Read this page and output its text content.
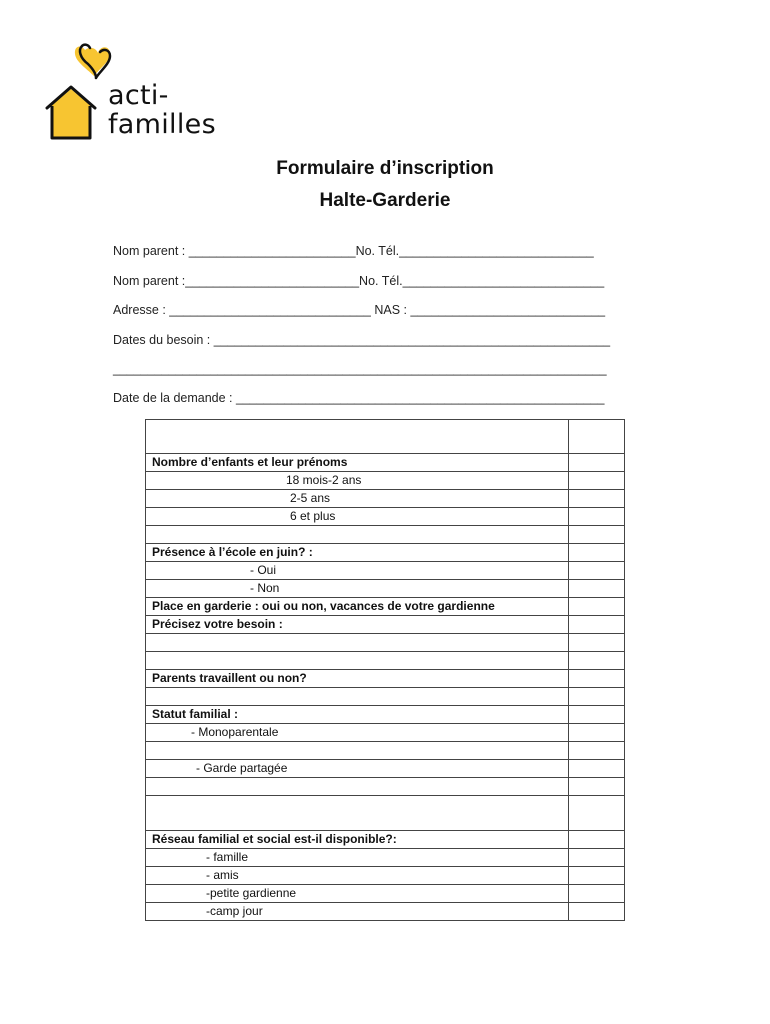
acti-
familles
Formulaire d’inscription
Halte-Garderie
Nom parent : ________________________No. Tél.____________________________
Nom parent :_________________________No. Tél._____________________________
Adresse : _____________________________ NAS : ____________________________
Dates du besoin : _________________________________________________________
_______________________________________________________________________
Date de la demande : _____________________________________________________

Nombre d’enfants et leur prénoms	
18 mois-2 ans	
2-5 ans	
6 et plus	

Présence à l’école en juin? :	
- Oui	
- Non	
Place en garderie : oui ou non, vacances de votre gardienne	
Précisez votre besoin :	

Parents travaillent ou non?	

Statut familial :	
- Monoparentale	

- Garde partagée	

Réseau familial et social est-il disponible?:	
- famille	
- amis	
-petite gardienne	
-camp jour	
